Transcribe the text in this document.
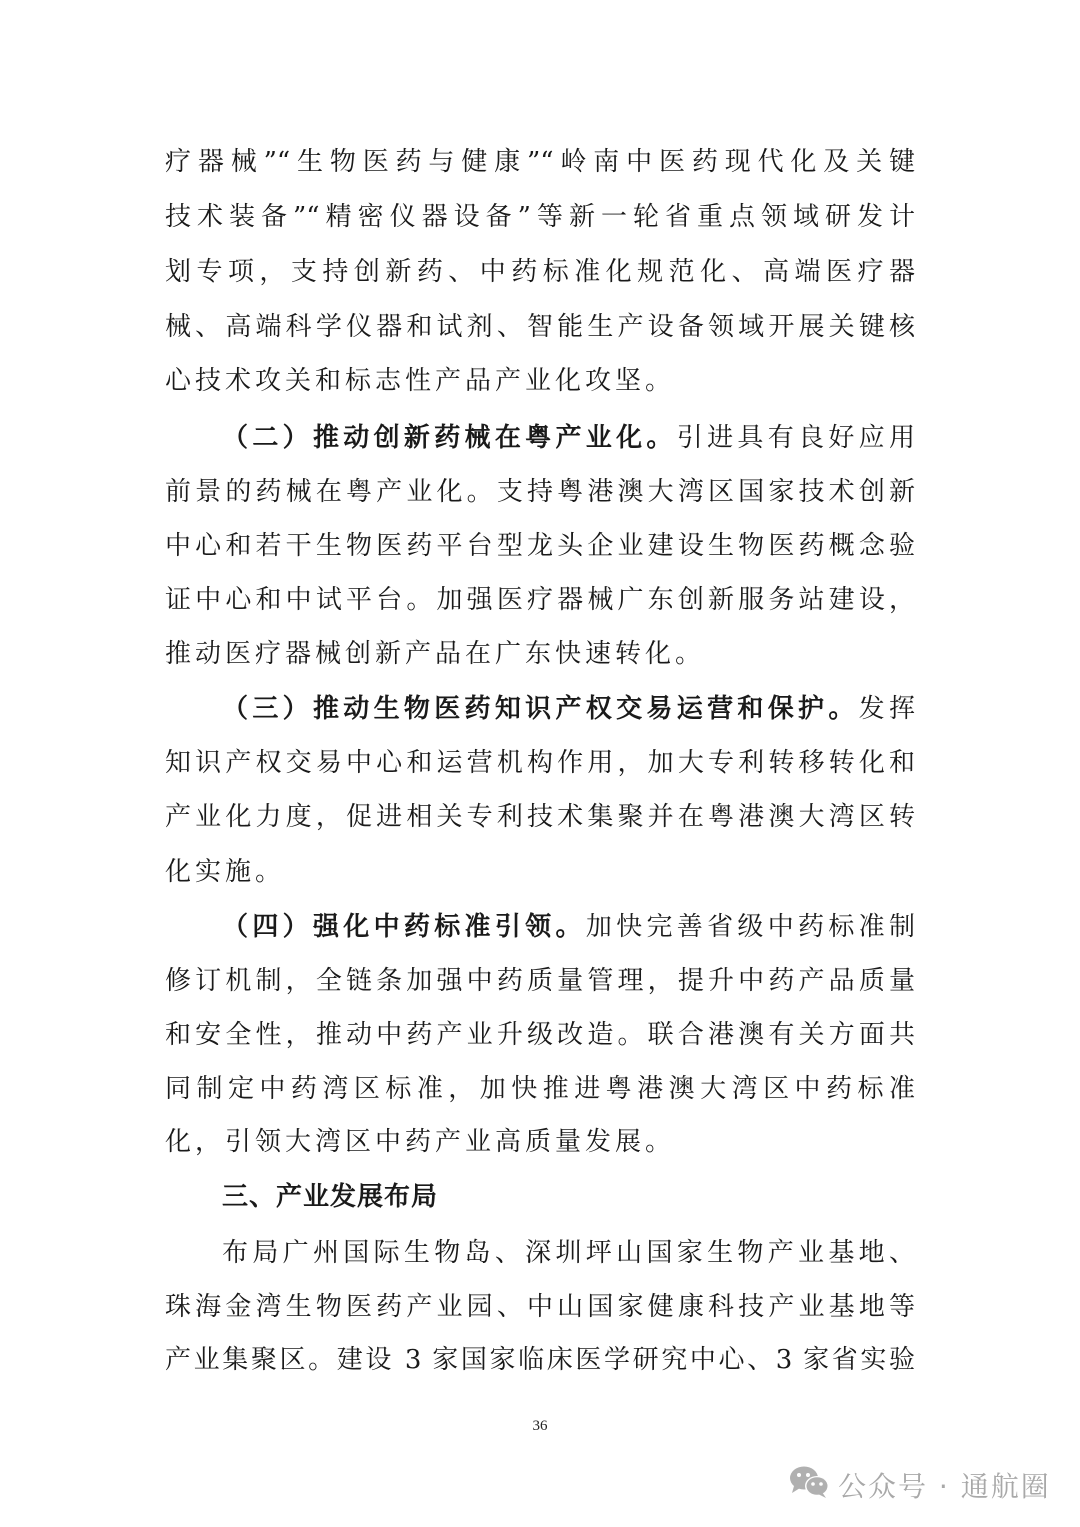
疗器械”“生物医药与健康”“岭南中医药现代化及关键
技术装备”“精密仪器设备”等新一轮省重点领域研发计
划专项，支持创新药、中药标准化规范化、高端医疗器
械、高端科学仪器和试剂、智能生产设备领域开展关键核
心技术攻关和标志性产品产业化攻坚。
（二）推动创新药械在粤产业化。引进具有良好应用
前景的药械在粤产业化。支持粤港澳大湾区国家技术创新
中心和若干生物医药平台型龙头企业建设生物医药概念验
证中心和中试平台。加强医疗器械广东创新服务站建设，
推动医疗器械创新产品在广东快速转化。
（三）推动生物医药知识产权交易运营和保护。发挥
知识产权交易中心和运营机构作用，加大专利转移转化和
产业化力度，促进相关专利技术集聚并在粤港澳大湾区转
化实施。
（四）强化中药标准引领。加快完善省级中药标准制
修订机制，全链条加强中药质量管理，提升中药产品质量
和安全性，推动中药产业升级改造。联合港澳有关方面共
同制定中药湾区标准，加快推进粤港澳大湾区中药标准
化，引领大湾区中药产业高质量发展。
三、产业发展布局
布局广州国际生物岛、深圳坪山国家生物产业基地、
珠海金湾生物医药产业园、中山国家健康科技产业基地等
产业集聚区。建设 3 家国家临床医学研究中心、3 家省实验
36
公众号 · 通航圈
